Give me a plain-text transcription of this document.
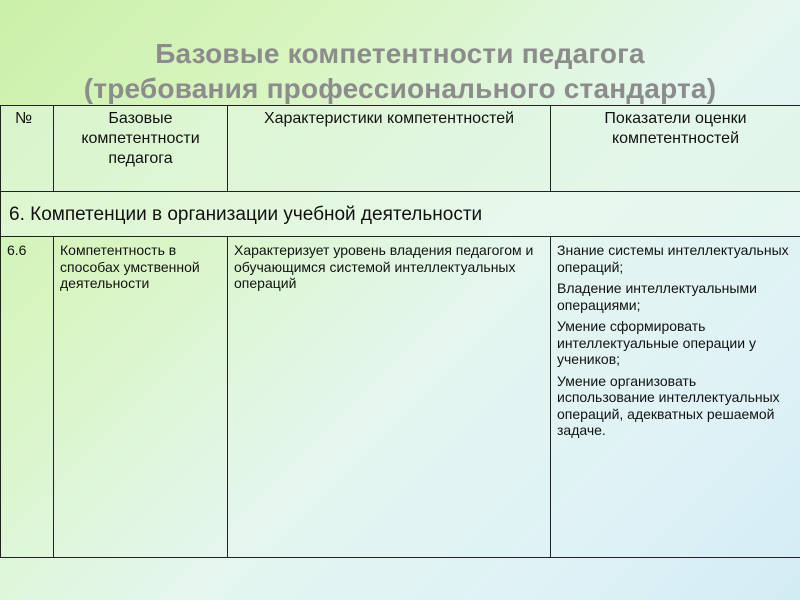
Базовые компетентности педагога
(требования профессионального стандарта)
№	Базовые компетентности педагога	Характеристики компетентностей	Показатели оценки компетентностей

6. Компетенции в организации учебной деятельности			

6.6	Компетентность в способах умственной деятельности	Характеризует уровень владения педагогом и обучающимся системой интеллектуальных операций	Знание системы интеллектуальных операций;

Владение интеллектуальными операциями;

Умение сформировать интеллектуальные операции у учеников;

Умение организовать использование интеллектуальных операций, адекватных решаемой задаче.
